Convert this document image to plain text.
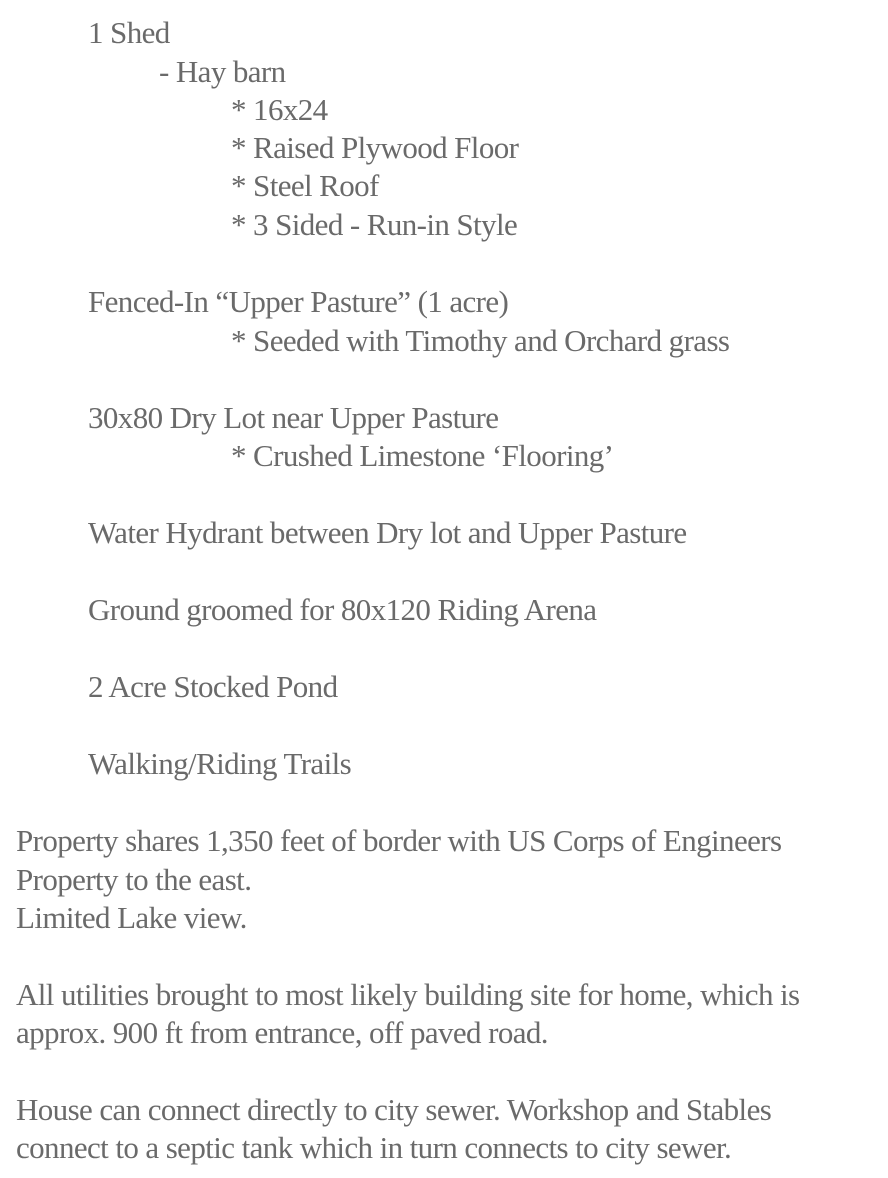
1 Shed
- Hay barn
* 16x24
* Raised Plywood Floor
* Steel Roof
* 3 Sided - Run-in Style
Fenced-In “Upper Pasture” (1 acre)
* Seeded with Timothy and Orchard grass
30x80 Dry Lot near Upper Pasture
* Crushed Limestone ‘Flooring’
Water Hydrant between Dry lot and Upper Pasture
Ground groomed for 80x120 Riding Arena
2 Acre Stocked Pond
Walking/Riding Trails
Property shares 1,350 feet of border with US Corps of Engineers
Property to the east.
Limited Lake view.
All utilities brought to most likely building site for home, which is
approx. 900 ft from entrance, off paved road.
House can connect directly to city sewer. Workshop and Stables
connect to a septic tank which in turn connects to city sewer.
